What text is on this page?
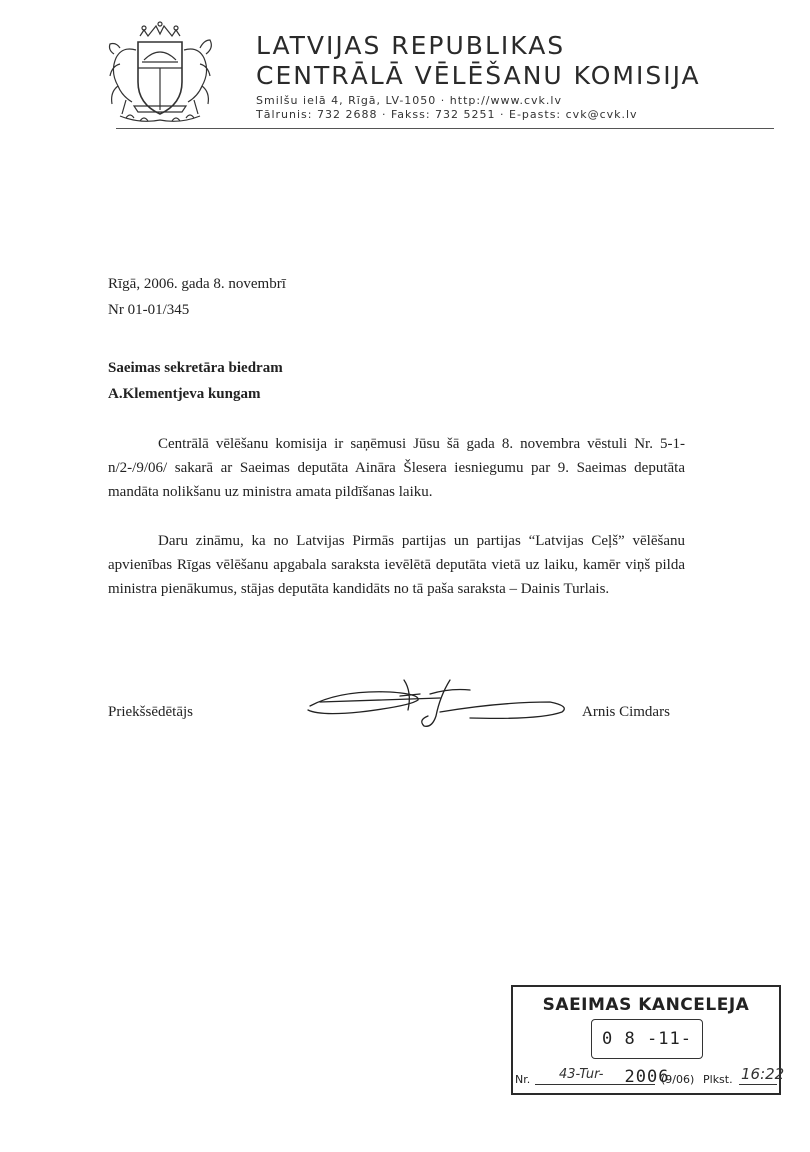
LATVIJAS REPUBLIKAS
CENTRĀLĀ VĒLĒŠANU KOMISIJA
Smilšu ielā 4, Rīgā, LV-1050 · http://www.cvk.lv
Tālrunis: 732 2688 · Fakss: 732 5251 · E-pasts: cvk@cvk.lv
Rīgā, 2006. gada 8. novembrī
Nr 01-01/345
Saeimas sekretāra biedram
A.Klementjeva kungam

Centrālā vēlēšanu komisija ir saņēmusi Jūsu šā gada 8. novembra vēstuli Nr. 5-1-n/2-/9/06/ sakarā ar Saeimas deputāta Aināra Šlesera iesniegumu par 9. Saeimas deputāta mandāta nolikšanu uz ministra amata pildīšanas laiku.

Daru zināmu, ka no Latvijas Pirmās partijas un partijas “Latvijas Ceļš” vēlēšanu apvienības Rīgas vēlēšanu apgabala saraksta ievēlētā deputāta vietā uz laiku, kamēr viņš pilda ministra pienākumus, stājas deputāta kandidāts no tā paša saraksta – Dainis Turlais.

Priekšsēdētājs	Arnis Cimdars
SAEIMAS KANCELEJA
0 8 -11- 2006
Nr. 43-Tur-	(9/06) Plkst. 16:22
